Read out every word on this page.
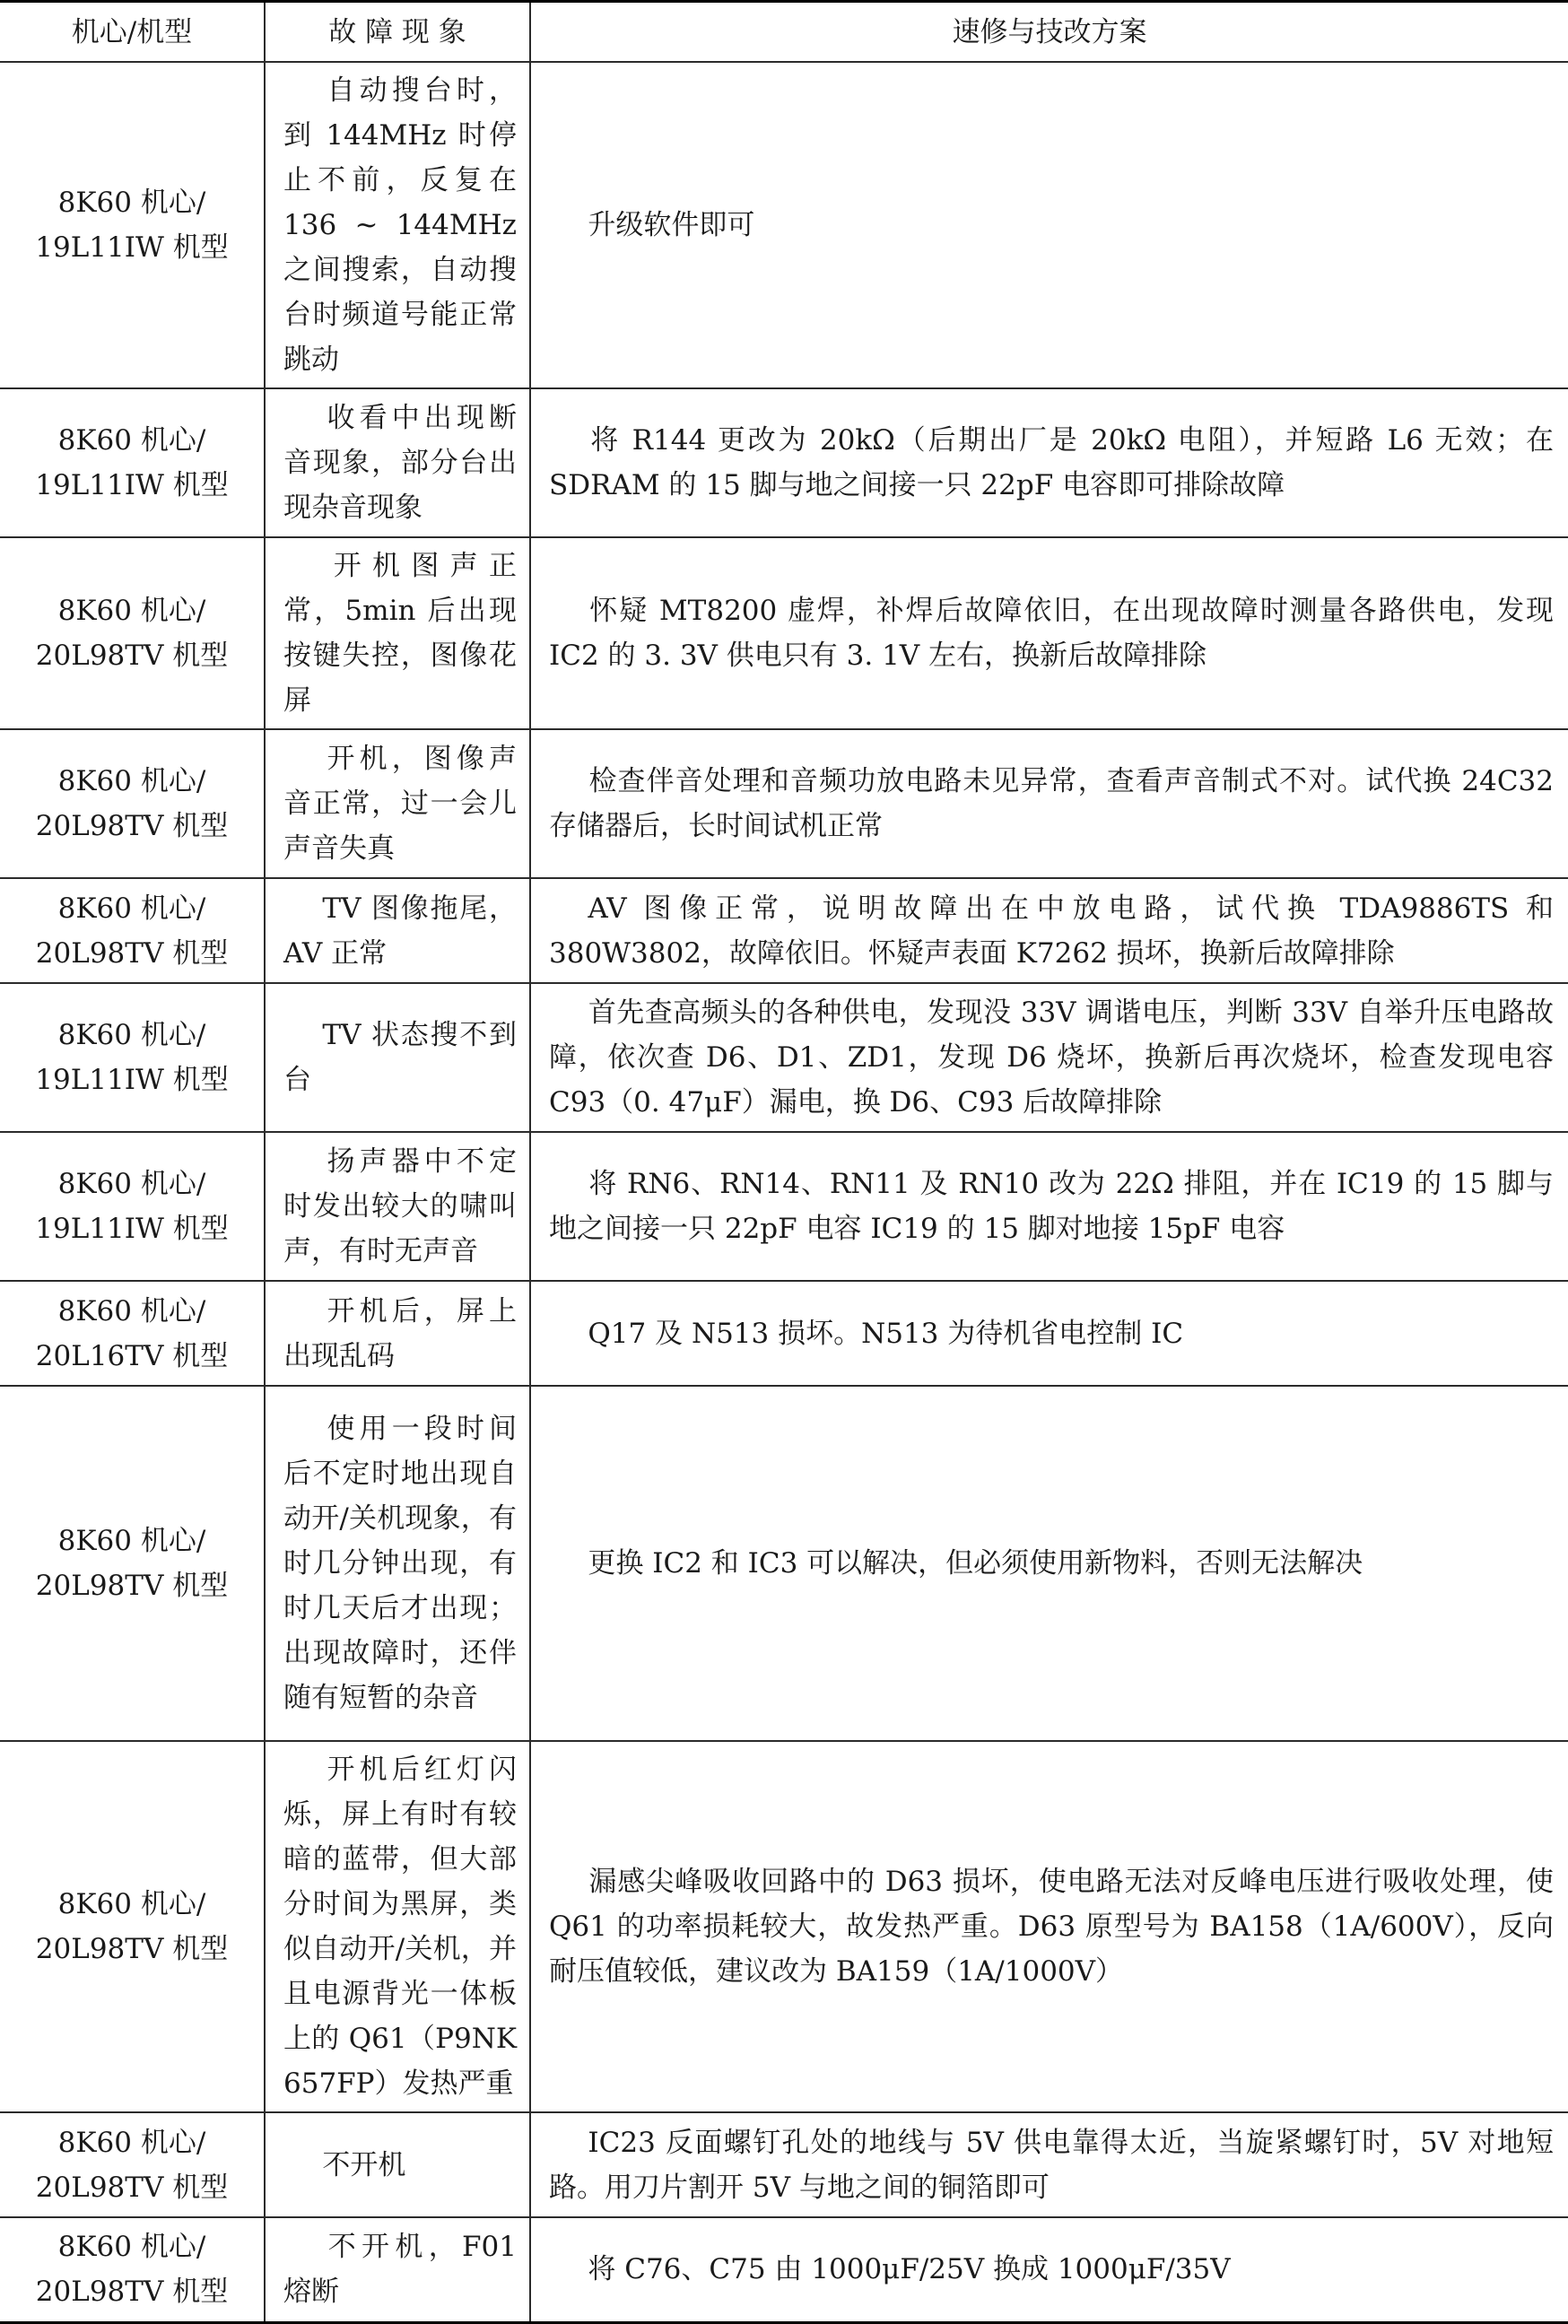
机心/机型	故 障 现 象	速修与技改方案
8K60 机心/
19L11IW 机型	自动搜台时，到 144MHz 时停止不前，反复在 136 ~ 144MHz 之间搜索，自动搜台时频道号能正常跳动	升级软件即可
8K60 机心/
19L11IW 机型	收看中出现断音现象，部分台出现杂音现象	将 R144 更改为 20kΩ（后期出厂是 20kΩ 电阻），并短路 L6 无效；在 SDRAM 的 15 脚与地之间接一只 22pF 电容即可排除故障
8K60 机心/
20L98TV 机型	开机图声正常，5min 后出现按键失控，图像花屏	怀疑 MT8200 虚焊，补焊后故障依旧，在出现故障时测量各路供电，发现 IC2 的 3. 3V 供电只有 3. 1V 左右，换新后故障排除
8K60 机心/
20L98TV 机型	开机，图像声音正常，过一会儿声音失真	检查伴音处理和音频功放电路未见异常，查看声音制式不对。试代换 24C32 存储器后，长时间试机正常
8K60 机心/
20L98TV 机型	TV 图像拖尾，AV 正常	AV 图像正常，说明故障出在中放电路，试代换 TDA9886TS 和 380W3802，故障依旧。怀疑声表面 K7262 损坏，换新后故障排除
8K60 机心/
19L11IW 机型	TV 状态搜不到台	首先查高频头的各种供电，发现没 33V 调谐电压，判断 33V 自举升压电路故障，依次查 D6、D1、ZD1，发现 D6 烧坏，换新后再次烧坏，检查发现电容 C93（0. 47μF）漏电，换 D6、C93 后故障排除
8K60 机心/
19L11IW 机型	扬声器中不定时发出较大的啸叫声，有时无声音	将 RN6、RN14、RN11 及 RN10 改为 22Ω 排阻，并在 IC19 的 15 脚与地之间接一只 22pF 电容 IC19 的 15 脚对地接 15pF 电容
8K60 机心/
20L16TV 机型	开机后，屏上出现乱码	Q17 及 N513 损坏。N513 为待机省电控制 IC
8K60 机心/
20L98TV 机型	使用一段时间后不定时地出现自动开/关机现象，有时几分钟出现，有时几天后才出现；出现故障时，还伴随有短暂的杂音	更换 IC2 和 IC3 可以解决，但必须使用新物料，否则无法解决
8K60 机心/
20L98TV 机型	开机后红灯闪烁，屏上有时有较暗的蓝带，但大部分时间为黑屏，类似自动开/关机，并且电源背光一体板上的 Q61（P9NK 657FP）发热严重	漏感尖峰吸收回路中的 D63 损坏，使电路无法对反峰电压进行吸收处理，使 Q61 的功率损耗较大，故发热严重。D63 原型号为 BA158（1A/600V），反向耐压值较低，建议改为 BA159（1A/1000V）
8K60 机心/
20L98TV 机型	不开机	IC23 反面螺钉孔处的地线与 5V 供电靠得太近，当旋紧螺钉时，5V 对地短路。用刀片割开 5V 与地之间的铜箔即可
8K60 机心/
20L98TV 机型	不开机，F01 熔断	将 C76、C75 由 1000μF/25V 换成 1000μF/35V
